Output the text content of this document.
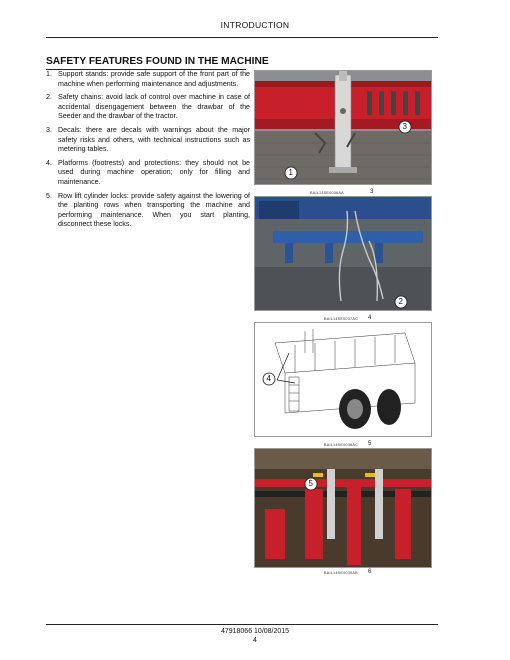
INTRODUCTION
SAFETY FEATURES FOUND IN THE MACHINE
1. Support stands: provide safe support of the front part of the machine when performing maintenance and adjustments.
2. Safety chains: avoid lack of control over machine in case of accidental disengagement between the drawbar of the Seeder and the drawbar of the tractor.
3. Decals: there are decals with warnings about the major safety risks and others, with technical instructions such as metering tables.
4. Platforms (footrests) and protections: they should not be used during machine operation; only for filling and maintenance.
5. Row lift cylinder locks: provide safety against the lowering of the planting rows when transporting the machine and performing maintenance. When you start planting, disconnect these locks.
1
3
BAIL14SE0036AA	3
2
BAIL14SE0037AC 4
4
BAIL14SE0038AC 5
5
BAIL14SE0039AB 6
47918066 10/08/2015
4
